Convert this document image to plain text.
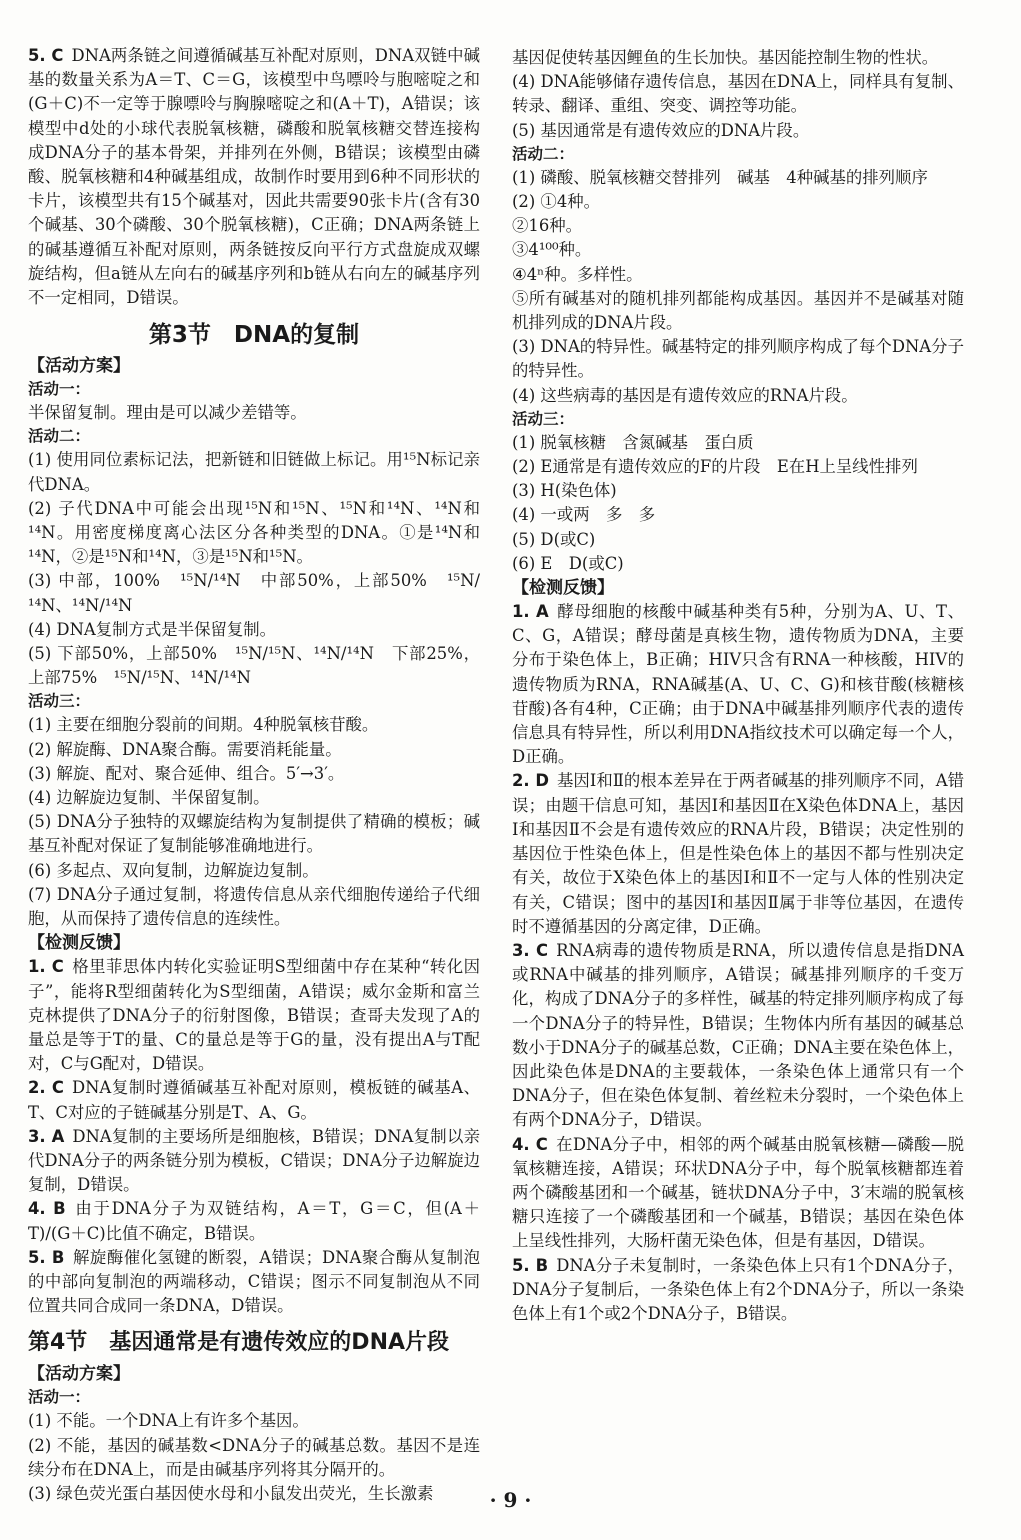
5. C DNA两条链之间遵循碱基互补配对原则，DNA双链中碱基的数量关系为A＝T、C＝G，该模型中鸟嘌呤与胞嘧啶之和(G＋C)不一定等于腺嘌呤与胸腺嘧啶之和(A＋T)，A错误；该模型中d处的小球代表脱氧核糖，磷酸和脱氧核糖交替连接构成DNA分子的基本骨架，并排列在外侧，B错误；该模型由磷酸、脱氧核糖和4种碱基组成，故制作时要用到6种不同形状的卡片，该模型共有15个碱基对，因此共需要90张卡片(含有30个碱基、30个磷酸、30个脱氧核糖)，C正确；DNA两条链上的碱基遵循互补配对原则，两条链按反向平行方式盘旋成双螺旋结构，但a链从左向右的碱基序列和b链从右向左的碱基序列不一定相同，D错误。

第3节　DNA的复制
【活动方案】
活动一：

半保留复制。理由是可以减少差错等。

活动二：

(1) 使用同位素标记法，把新链和旧链做上标记。用¹⁵N标记亲代DNA。

(2) 子代DNA中可能会出现¹⁵N和¹⁵N、¹⁵N和¹⁴N、¹⁴N和¹⁴N。用密度梯度离心法区分各种类型的DNA。①是¹⁴N和¹⁴N，②是¹⁵N和¹⁴N，③是¹⁵N和¹⁵N。

(3) 中部，100%　¹⁵N/¹⁴N　中部50%，上部50%　¹⁵N/¹⁴N、¹⁴N/¹⁴N

(4) DNA复制方式是半保留复制。

(5) 下部50%，上部50%　¹⁵N/¹⁵N、¹⁴N/¹⁴N　下部25%，上部75%　¹⁵N/¹⁵N、¹⁴N/¹⁴N

活动三：

(1) 主要在细胞分裂前的间期。4种脱氧核苷酸。

(2) 解旋酶、DNA聚合酶。需要消耗能量。

(3) 解旋、配对、聚合延伸、组合。5′→3′。

(4) 边解旋边复制、半保留复制。

(5) DNA分子独特的双螺旋结构为复制提供了精确的模板；碱基互补配对保证了复制能够准确地进行。

(6) 多起点、双向复制，边解旋边复制。

(7) DNA分子通过复制，将遗传信息从亲代细胞传递给子代细胞，从而保持了遗传信息的连续性。

【检测反馈】

1. C 格里菲思体内转化实验证明S型细菌中存在某种“转化因子”，能将R型细菌转化为S型细菌，A错误；威尔金斯和富兰克林提供了DNA分子的衍射图像，B错误；查哥夫发现了A的量总是等于T的量、C的量总是等于G的量，没有提出A与T配对，C与G配对，D错误。

2. C DNA复制时遵循碱基互补配对原则，模板链的碱基A、T、C对应的子链碱基分别是T、A、G。

3. A DNA复制的主要场所是细胞核，B错误；DNA复制以亲代DNA分子的两条链分别为模板，C错误；DNA分子边解旋边复制，D错误。

4. B 由于DNA分子为双链结构，A＝T，G＝C，但(A＋T)/(G＋C)比值不确定，B错误。

5. B 解旋酶催化氢键的断裂，A错误；DNA聚合酶从复制泡的中部向复制泡的两端移动，C错误；图示不同复制泡从不同位置共同合成同一条DNA，D错误。

第4节　基因通常是有遗传效应的DNA片段
【活动方案】
活动一：

(1) 不能。一个DNA上有许多个基因。

(2) 不能，基因的碱基数<DNA分子的碱基总数。基因不是连续分布在DNA上，而是由碱基序列将其分隔开的。

(3) 绿色荧光蛋白基因使水母和小鼠发出荧光，生长激素

基因促使转基因鲤鱼的生长加快。基因能控制生物的性状。

(4) DNA能够储存遗传信息，基因在DNA上，同样具有复制、转录、翻译、重组、突变、调控等功能。

(5) 基因通常是有遗传效应的DNA片段。

活动二：

(1) 磷酸、脱氧核糖交替排列　碱基　4种碱基的排列顺序

(2) ①4种。

②16种。

③4¹⁰⁰种。

④4ⁿ种。多样性。

⑤所有碱基对的随机排列都能构成基因。基因并不是碱基对随机排列成的DNA片段。

(3) DNA的特异性。碱基特定的排列顺序构成了每个DNA分子的特异性。

(4) 这些病毒的基因是有遗传效应的RNA片段。

活动三：

(1) 脱氧核糖　含氮碱基　蛋白质

(2) E通常是有遗传效应的F的片段　E在H上呈线性排列

(3) H(染色体)

(4) 一或两　多　多

(5) D(或C)

(6) E　D(或C)

【检测反馈】

1. A 酵母细胞的核酸中碱基种类有5种，分别为A、U、T、C、G，A错误；酵母菌是真核生物，遗传物质为DNA，主要分布于染色体上，B正确；HIV只含有RNA一种核酸，HIV的遗传物质为RNA，RNA碱基(A、U、C、G)和核苷酸(核糖核苷酸)各有4种，C正确；由于DNA中碱基排列顺序代表的遗传信息具有特异性，所以利用DNA指纹技术可以确定每一个人，D正确。

2. D 基因Ⅰ和Ⅱ的根本差异在于两者碱基的排列顺序不同，A错误；由题干信息可知，基因Ⅰ和基因Ⅱ在X染色体DNA上，基因Ⅰ和基因Ⅱ不会是有遗传效应的RNA片段，B错误；决定性别的基因位于性染色体上，但是性染色体上的基因不都与性别决定有关，故位于X染色体上的基因Ⅰ和Ⅱ不一定与人体的性别决定有关，C错误；图中的基因Ⅰ和基因Ⅱ属于非等位基因，在遗传时不遵循基因的分离定律，D正确。

3. C RNA病毒的遗传物质是RNA，所以遗传信息是指DNA或RNA中碱基的排列顺序，A错误；碱基排列顺序的千变万化，构成了DNA分子的多样性，碱基的特定排列顺序构成了每一个DNA分子的特异性，B错误；生物体内所有基因的碱基总数小于DNA分子的碱基总数，C正确；DNA主要在染色体上，因此染色体是DNA的主要载体，一条染色体上通常只有一个DNA分子，但在染色体复制、着丝粒未分裂时，一个染色体上有两个DNA分子，D错误。

4. C 在DNA分子中，相邻的两个碱基由脱氧核糖—磷酸—脱氧核糖连接，A错误；环状DNA分子中，每个脱氧核糖都连着两个磷酸基团和一个碱基，链状DNA分子中，3′末端的脱氧核糖只连接了一个磷酸基团和一个碱基，B错误；基因在染色体上呈线性排列，大肠杆菌无染色体，但是有基因，D错误。

5. B DNA分子未复制时，一条染色体上只有1个DNA分子，DNA分子复制后，一条染色体上有2个DNA分子，所以一条染色体上有1个或2个DNA分子，B错误。

· 9 ·
